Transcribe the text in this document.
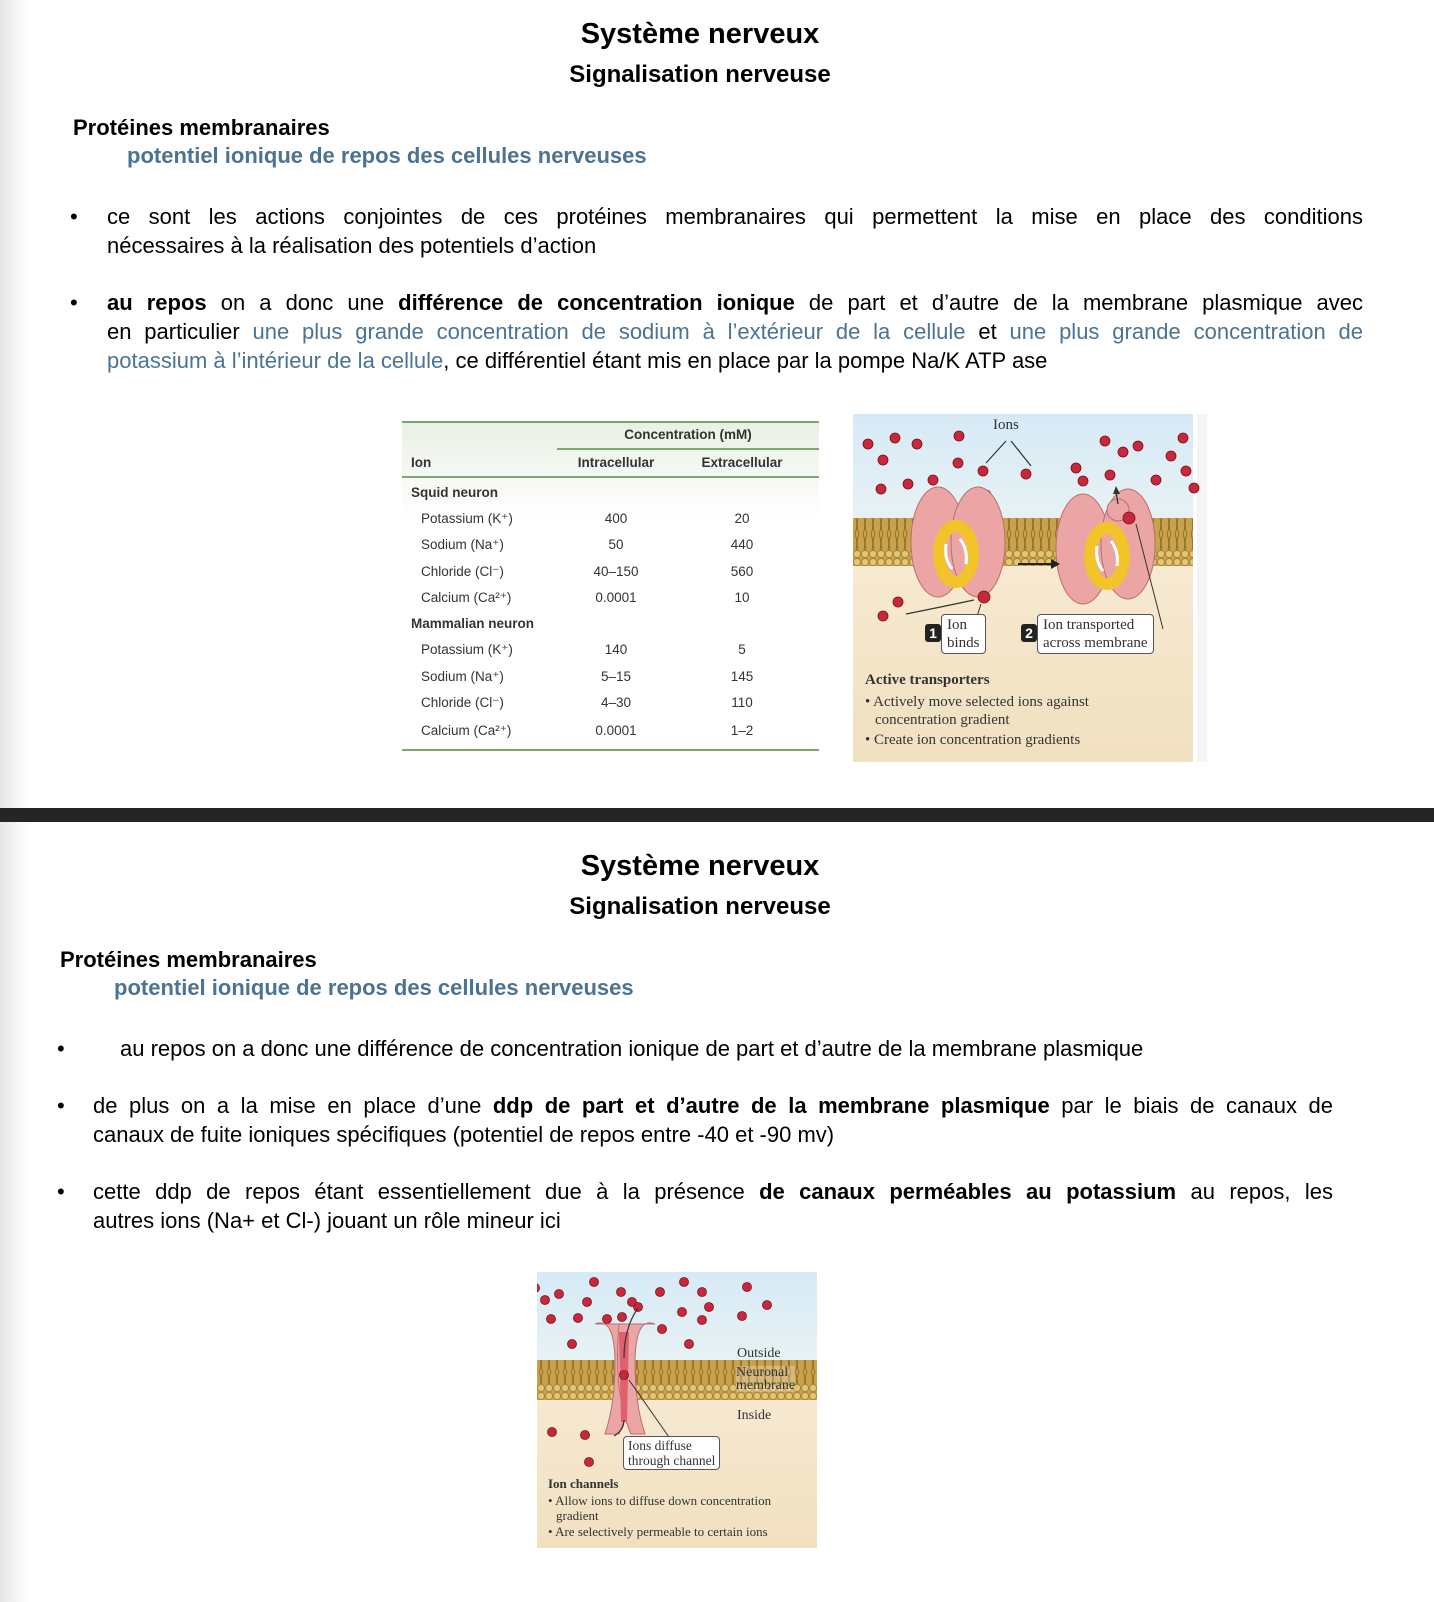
Système nerveux
Signalisation nerveuse
Protéines membranaires
potentiel ionique de repos des cellules nerveuses
• ce sont les actions conjointes de ces protéines membranaires qui permettent la mise en place des conditions
nécessaires à la réalisation des potentiels d’action
• au repos on a donc une différence de concentration ionique de part et d’autre de la membrane plasmique avec
en particulier une plus grande concentration de sodium à l’extérieur de la cellule et une plus grande concentration de
potassium à l’intérieur de la cellule, ce différentiel étant mis en place par la pompe Na/K ATP ase
Concentration (mM)
Ion	Intracellular	Extracellular
Squid neuron
Potassium (K⁺)	400	20
Sodium (Na⁺)	50	440
Chloride (Cl⁻)	40–150	560
Calcium (Ca²⁺)	0.0001	10
Mammalian neuron
Potassium (K⁺)	140	5
Sodium (Na⁺)	5–15	145
Chloride (Cl⁻)	4–30	110
Calcium (Ca²⁺)	0.0001	1–2
Ions
1 Ion
binds
2 Ion transported
across membrane
Active transporters
• Actively move selected ions against
concentration gradient
• Create ion concentration gradients
Système nerveux
Signalisation nerveuse
Protéines membranaires
potentiel ionique de repos des cellules nerveuses
•	au repos on a donc une différence de concentration ionique de part et d’autre de la membrane plasmique
• de plus on a la mise en place d’une ddp de part et d’autre de la membrane plasmique par le biais de canaux de
canaux de fuite ioniques spécifiques (potentiel de repos entre -40 et -90 mv)
• cette ddp de repos étant essentiellement due à la présence de canaux perméables au potassium au repos, les
autres ions (Na+ et Cl-) jouant un rôle mineur ici
Outside
Neuronal
membrane
Inside
Ions diffuse
through channel
Ion channels
• Allow ions to diffuse down concentration
gradient
• Are selectively permeable to certain ions
